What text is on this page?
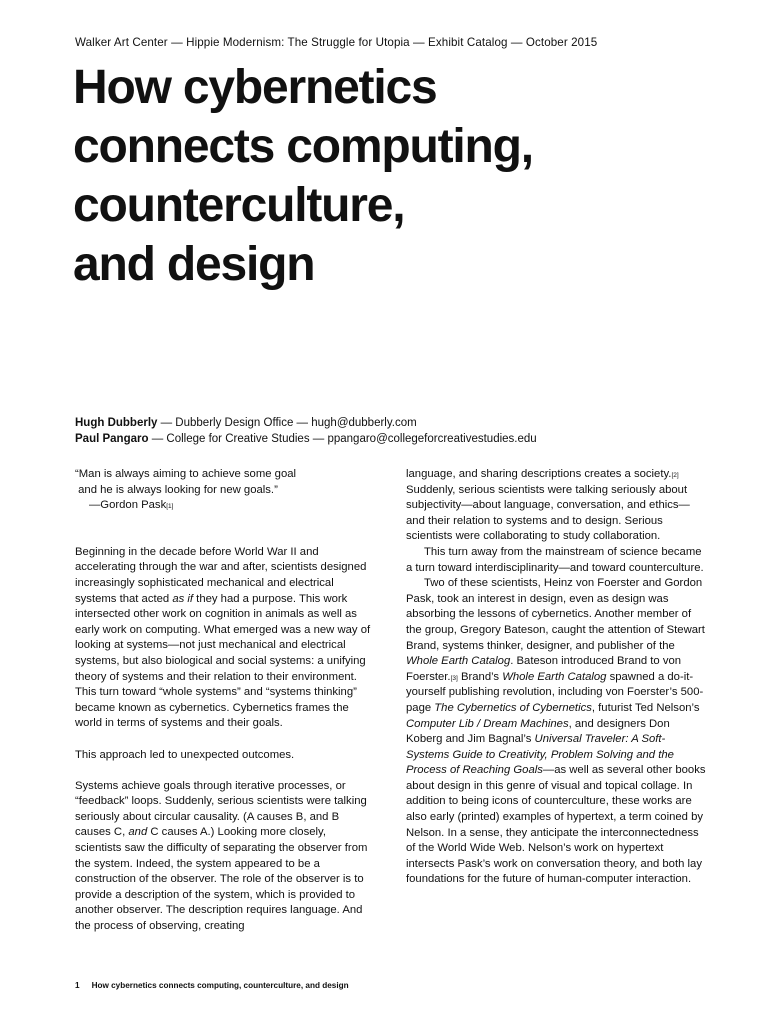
Walker Art Center — Hippie Modernism: The Struggle for Utopia — Exhibit Catalog — October 2015
How cybernetics
connects computing,
counterculture,
and design
Hugh Dubberly — Dubberly Design Office — hugh@dubberly.com
Paul Pangaro — College for Creative Studies — ppangaro@collegeforcreativestudies.edu

“Man is always aiming to achieve some goal

and he is always looking for new goals.”

—Gordon Pask[1]

Beginning in the decade before World War II and accelerating through the war and after, scientists designed increasingly sophisticated mechanical and electrical systems that acted as if they had a purpose. This work intersected other work on cognition in animals as well as early work on computing. What emerged was a new way of looking at systems—not just mechanical and electrical systems, but also biological and social systems: a unifying theory of systems and their relation to their environment. This turn toward “whole systems” and “systems thinking” became known as cybernetics. Cybernetics frames the world in terms of systems and their goals.

This approach led to unexpected outcomes.

Systems achieve goals through iterative processes, or “feedback” loops. Suddenly, serious scientists were talking seriously about circular causality. (A causes B, and B causes C, and C causes A.) Looking more closely, scientists saw the difficulty of separating the observer from the system. Indeed, the system appeared to be a construction of the observer. The role of the observer is to provide a description of the system, which is provided to another observer. The description requires language. And the process of observing, creating

language, and sharing descriptions creates a society.[2] Suddenly, serious scientists were talking seriously about subjectivity—about language, conversation, and ethics—and their relation to systems and to design. Serious scientists were collaborating to study collaboration.

This turn away from the mainstream of science became a turn toward interdisciplinarity—and toward counterculture.

Two of these scientists, Heinz von Foerster and Gordon Pask, took an interest in design, even as design was absorbing the lessons of cybernetics. Another member of the group, Gregory Bateson, caught the attention of Stewart Brand, systems thinker, designer, and publisher of the Whole Earth Catalog. Bateson introduced Brand to von Foerster.[3] Brand’s Whole Earth Catalog spawned a do-it-yourself publishing revolution, including von Foerster’s 500-page The Cybernetics of Cybernetics, futurist Ted Nelson’s Computer Lib / Dream Machines, and designers Don Koberg and Jim Bagnal’s Universal Traveler: A Soft-Systems Guide to Creativity, Problem Solving and the Process of Reaching Goals—as well as several other books about design in this genre of visual and topical collage. In addition to being icons of counterculture, these works are also early (printed) examples of hypertext, a term coined by Nelson. In a sense, they anticipate the interconnectedness of the World Wide Web. Nelson’s work on hypertext intersects Pask’s work on conversation theory, and both lay foundations for the future of human-computer interaction.

1 How cybernetics connects computing, counterculture, and design
